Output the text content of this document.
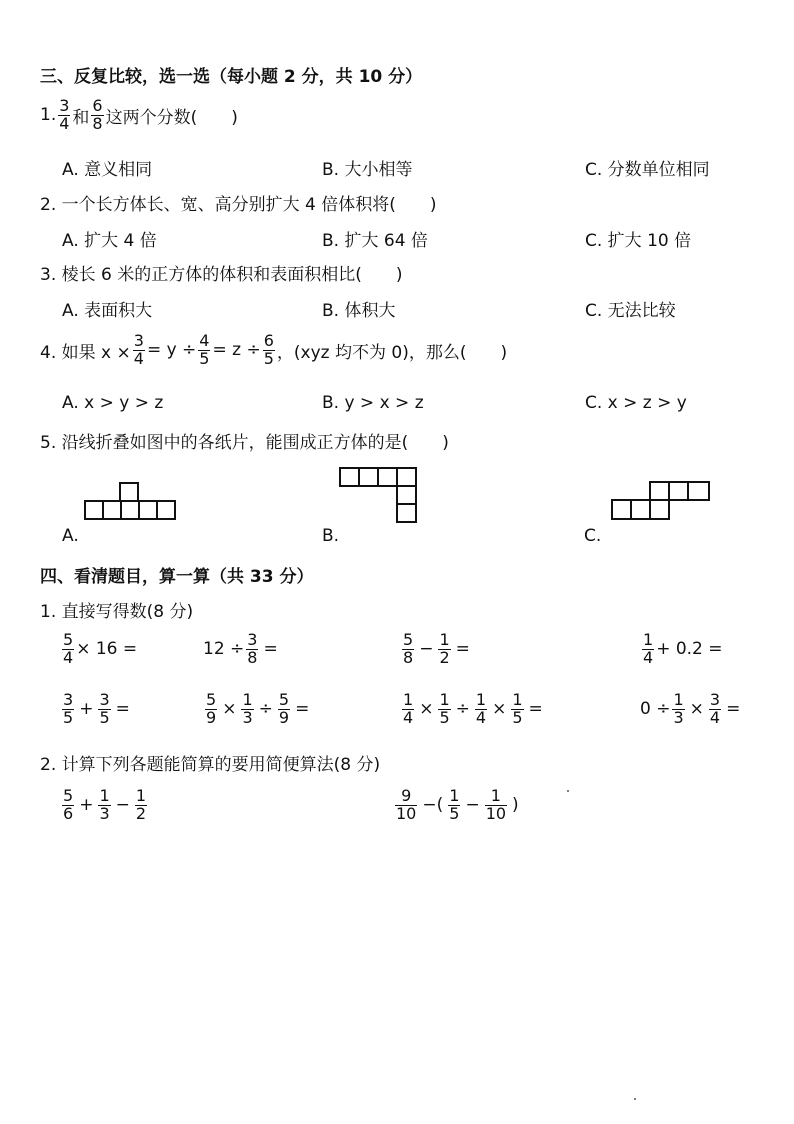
三、反复比较，选一选（每小题 2 分，共 10 分）
1. $\frac{3}{4}$ 和 $\frac{6}{8}$ 这两个分数(　　)
A. 意义相同	B. 大小相等	C. 分数单位相同
2. 一个长方体长、宽、高分别扩大 4 倍体积将(　　)
A. 扩大 4 倍	B. 扩大 64 倍	C. 扩大 10 倍
3. 棱长 6 米的正方体的体积和表面积相比(　　)
A. 表面积大	B. 体积大	C. 无法比较
4. 如果 $x \times \frac{3}{4} = y \div \frac{4}{5} = z \div \frac{6}{5}$ ，(xyz 均不为 0)，那么(　　)
A. x > y > z	B. y > x > z	C. x > z > y
5. 沿线折叠如图中的各纸片，能围成正方体的是(　　)
A.	B.	C.
四、看清题目，算一算（共 33 分）
1. 直接写得数(8 分)
$\frac{5}{4} \times 16$ =	$12 \div \frac{3}{8}$ =	$\frac{5}{8} - \frac{1}{2}$ =	$\frac{1}{4} + 0.2$ =
$\frac{3}{5} + \frac{3}{5}$ =	$\frac{5}{9} \times \frac{1}{3} \div \frac{5}{9}$ =	$\frac{1}{4} \times \frac{1}{5} \div \frac{1}{4} \times \frac{1}{5}$ =	$0 \div \frac{1}{3} \times \frac{3}{4}$ =
2. 计算下列各题能简算的要用简便算法(8 分)
$\frac{5}{6} + \frac{1}{3} - \frac{1}{2}$	$\frac{9}{10}$ −( $\frac{1}{5} - \frac{1}{10}$ )
